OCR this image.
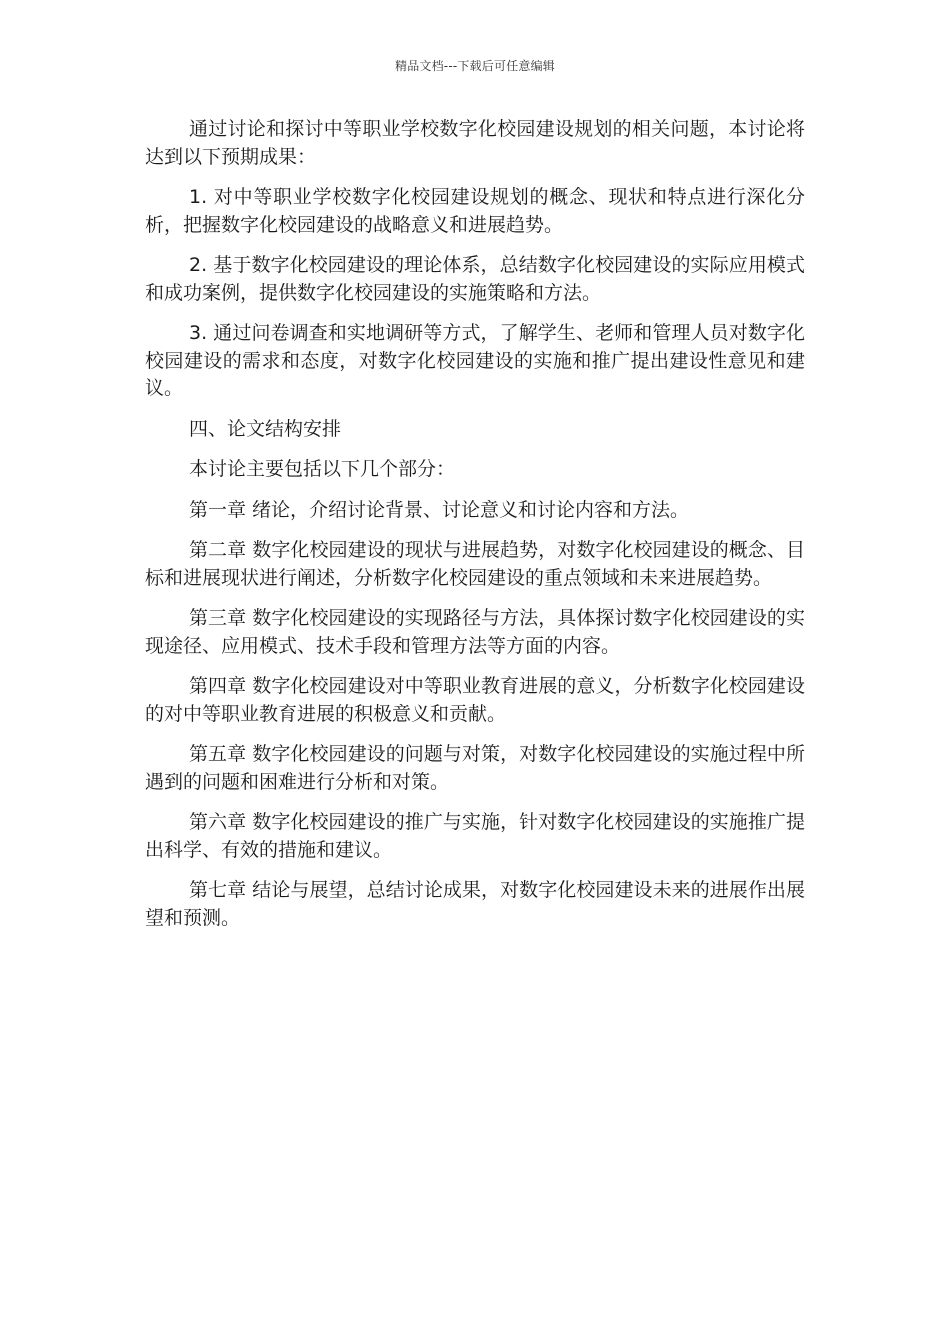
精品文档---下载后可任意编辑

通过讨论和探讨中等职业学校数字化校园建设规划的相关问题，本讨论将达到以下预期成果：

1. 对中等职业学校数字化校园建设规划的概念、现状和特点进行深化分析，把握数字化校园建设的战略意义和进展趋势。

2. 基于数字化校园建设的理论体系，总结数字化校园建设的实际应用模式和成功案例，提供数字化校园建设的实施策略和方法。

3. 通过问卷调查和实地调研等方式，了解学生、老师和管理人员对数字化校园建设的需求和态度，对数字化校园建设的实施和推广提出建设性意见和建议。

四、论文结构安排

本讨论主要包括以下几个部分：

第一章 绪论，介绍讨论背景、讨论意义和讨论内容和方法。

第二章 数字化校园建设的现状与进展趋势，对数字化校园建设的概念、目标和进展现状进行阐述，分析数字化校园建设的重点领域和未来进展趋势。

第三章 数字化校园建设的实现路径与方法，具体探讨数字化校园建设的实现途径、应用模式、技术手段和管理方法等方面的内容。

第四章 数字化校园建设对中等职业教育进展的意义，分析数字化校园建设的对中等职业教育进展的积极意义和贡献。

第五章 数字化校园建设的问题与对策，对数字化校园建设的实施过程中所遇到的问题和困难进行分析和对策。

第六章 数字化校园建设的推广与实施，针对数字化校园建设的实施推广提出科学、有效的措施和建议。

第七章 结论与展望，总结讨论成果，对数字化校园建设未来的进展作出展望和预测。
